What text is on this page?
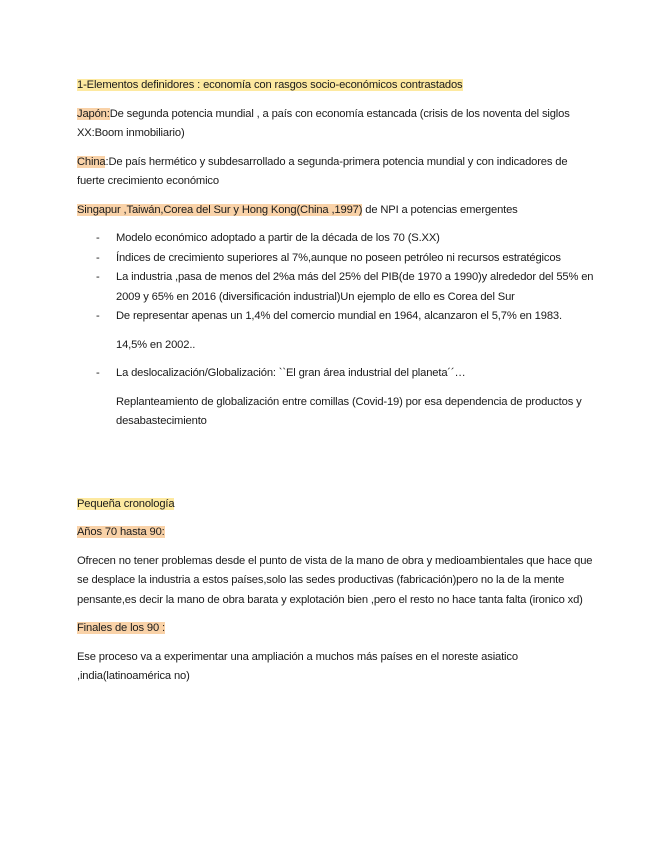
1-Elementos definidores : economía con rasgos socio-económicos contrastados

Japón:De segunda potencia mundial , a país con economía estancada (crisis de los noventa del siglos XX:Boom inmobiliario)

China:De país hermético y subdesarrollado a segunda-primera potencia mundial y con indicadores de fuerte crecimiento económico

Singapur ,Taiwán,Corea del Sur y Hong Kong(China ,1997) de NPI a potencias emergentes

- Modelo económico adoptado a partir de la década de los 70 (S.XX)
- Índices de crecimiento superiores al 7%,aunque no poseen petróleo ni recursos estratégicos
- La industria ,pasa de menos del 2%a más del 25% del PIB(de 1970 a 1990)y alrededor del 55% en 2009 y 65% en 2016 (diversificación industrial)Un ejemplo de ello es Corea del Sur
- De representar apenas un 1,4% del comercio mundial en 1964, alcanzaron el 5,7% en 1983.

14,5% en 2002..

- La deslocalización/Globalización: ``El gran área industrial del planeta´´…

Replanteamiento de globalización entre comillas (Covid-19) por esa dependencia de productos y desabastecimiento

Pequeña cronología

Años 70 hasta 90:

Ofrecen no tener problemas desde el punto de vista de la mano de obra y medioambientales que hace que se desplace la industria a estos países,solo las sedes productivas (fabricación)pero no la de la mente pensante,es decir la mano de obra barata y explotación bien ,pero el resto no hace tanta falta (ironico xd)

Finales de los 90 :

Ese proceso va a experimentar una ampliación a muchos más países en el noreste asiatico ,india(latinoamérica no)
